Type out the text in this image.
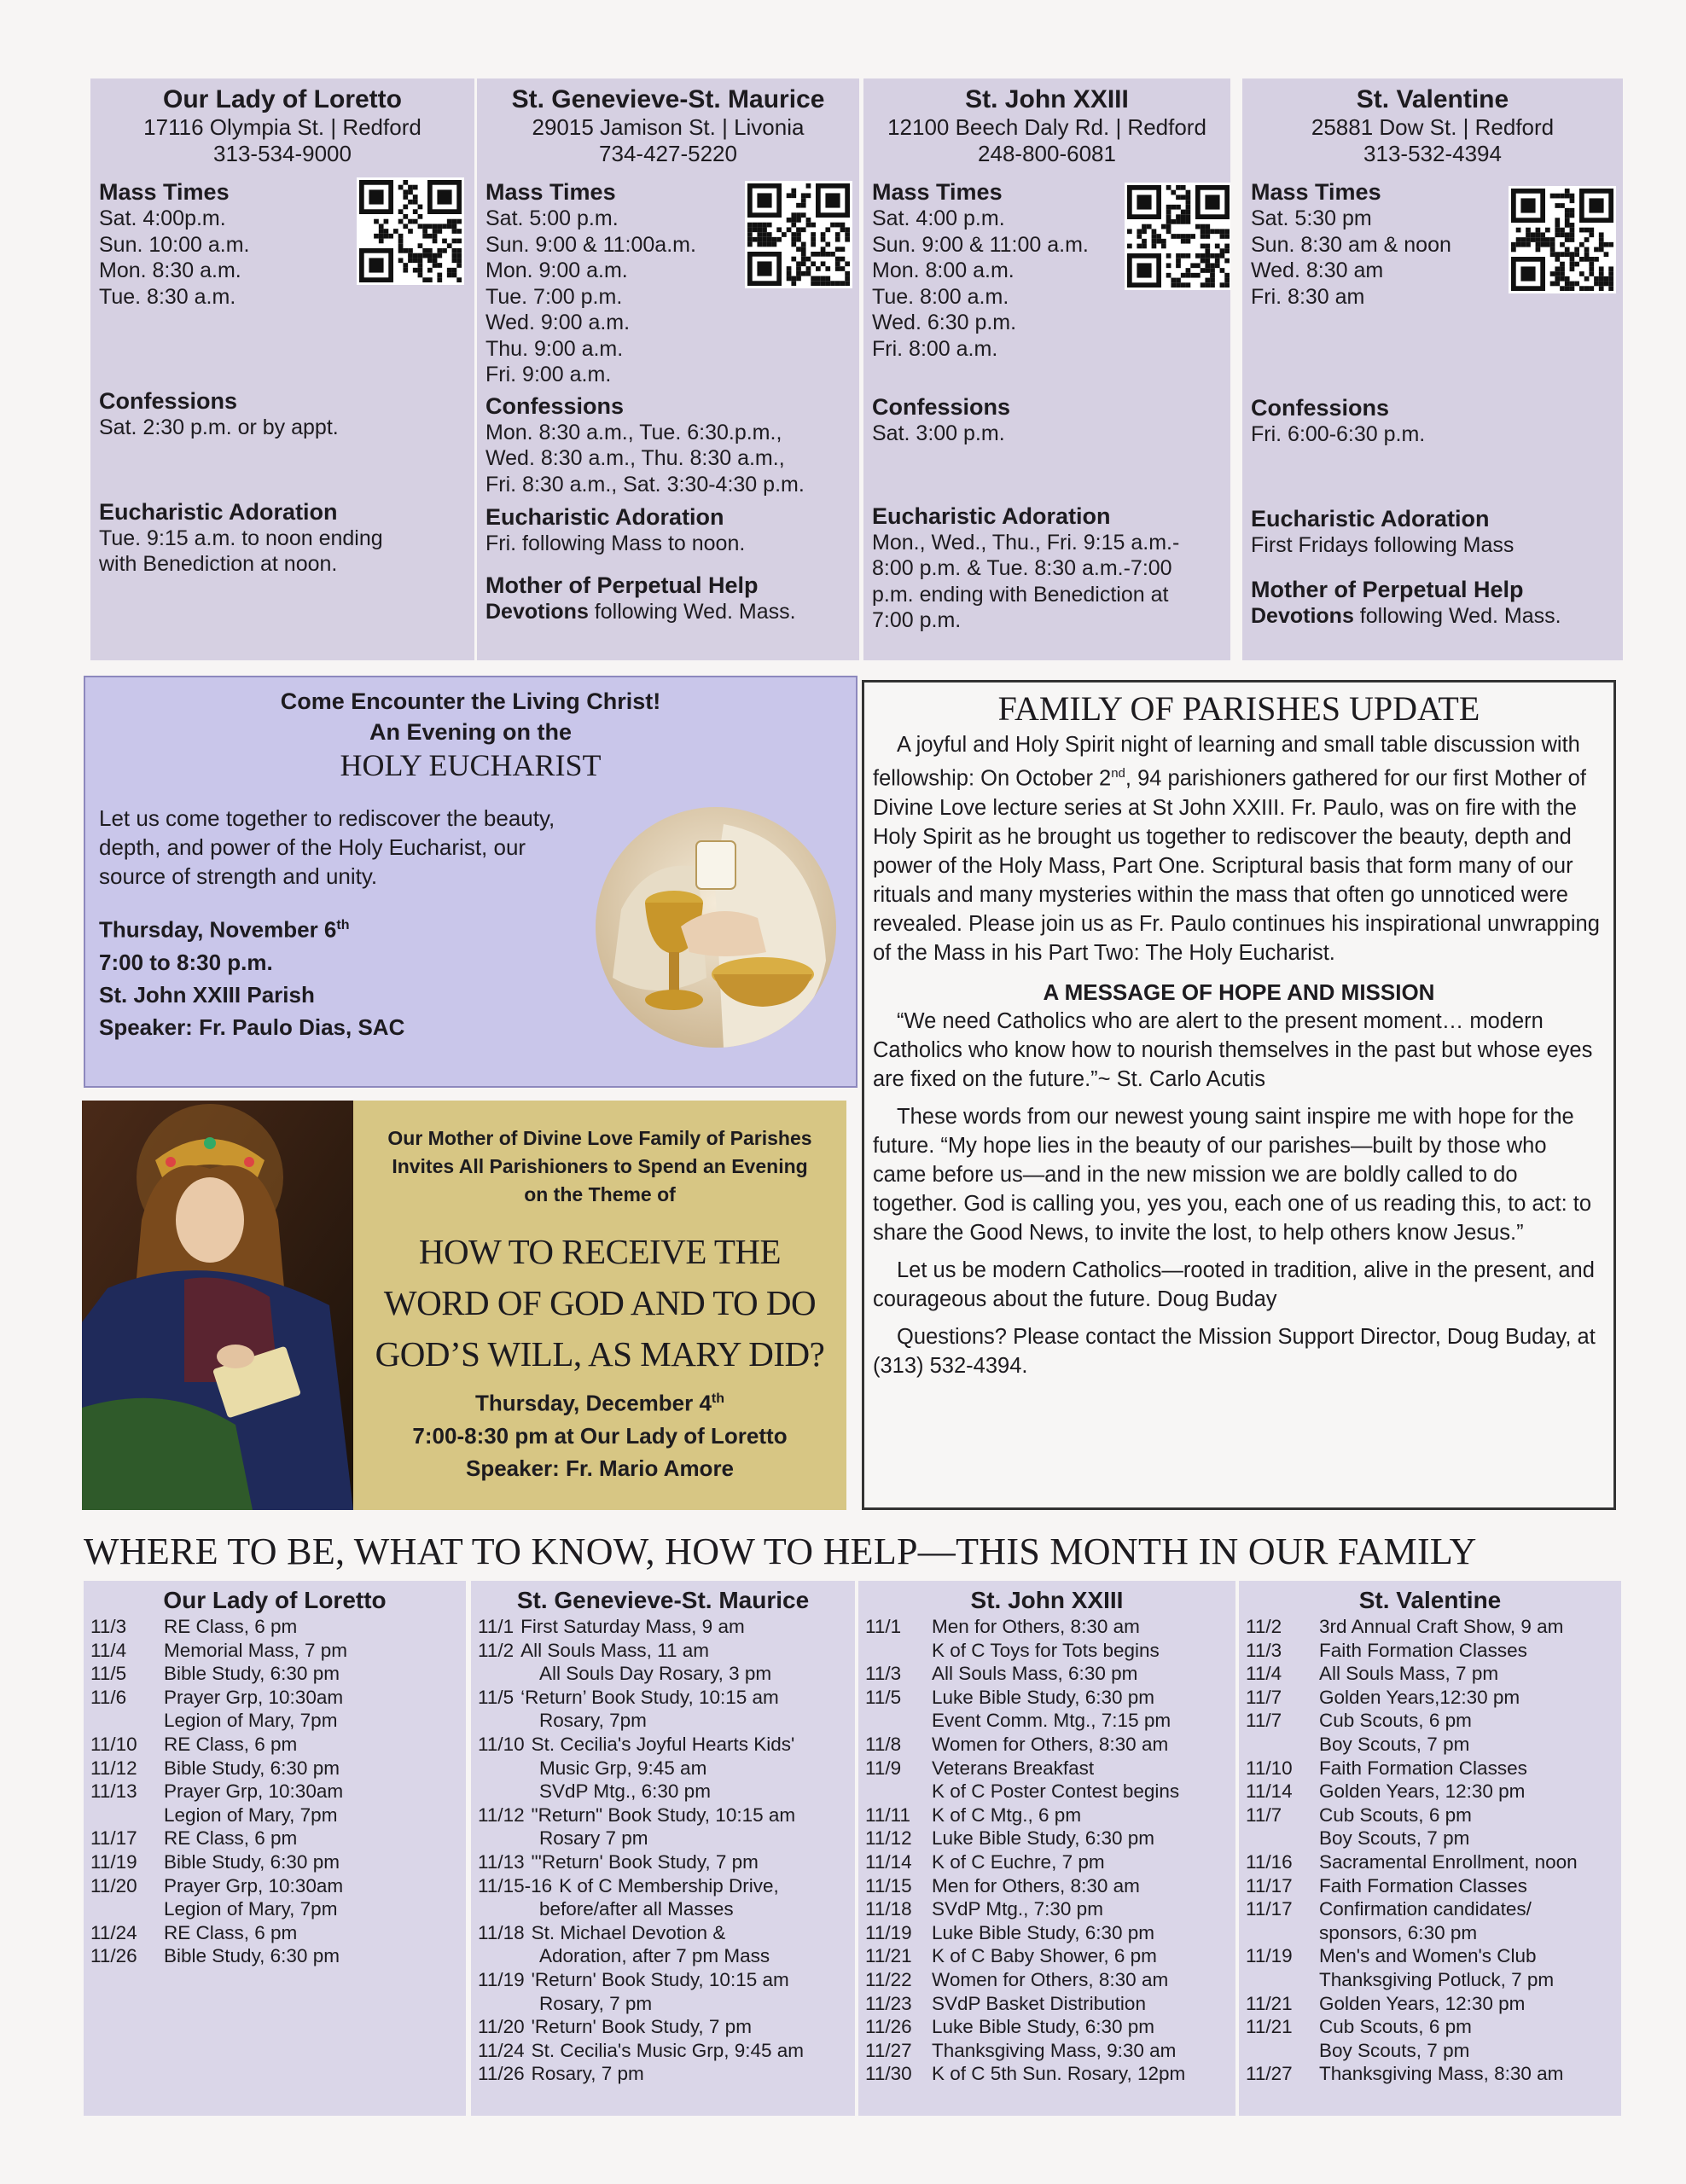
Our Lady of Loretto
17116 Olympia St. | Redford
313-534-9000
Mass Times
Sat. 4:00p.m.
Sun. 10:00 a.m.
Mon. 8:30 a.m.
Tue. 8:30 a.m.
Confessions
Sat. 2:30 p.m. or by appt.
Eucharistic Adoration
Tue. 9:15 a.m. to noon ending
with Benediction at noon.
St. Genevieve-St. Maurice
29015 Jamison St. | Livonia
734-427-5220
Mass Times
Sat. 5:00 p.m.
Sun. 9:00 & 11:00a.m.
Mon. 9:00 a.m.
Tue. 7:00 p.m.
Wed. 9:00 a.m.
Thu. 9:00 a.m.
Fri. 9:00 a.m.
Confessions
Mon. 8:30 a.m., Tue. 6:30.p.m.,
Wed. 8:30 a.m., Thu. 8:30 a.m.,
Fri. 8:30 a.m., Sat. 3:30-4:30 p.m.
Eucharistic Adoration
Fri. following Mass to noon.
Mother of Perpetual Help
Devotions following Wed. Mass.
St. John XXIII
12100 Beech Daly Rd. | Redford
248-800-6081
Mass Times
Sat. 4:00 p.m.
Sun. 9:00 & 11:00 a.m.
Mon. 8:00 a.m.
Tue. 8:00 a.m.
Wed. 6:30 p.m.
Fri. 8:00 a.m.
Confessions
Sat. 3:00 p.m.
Eucharistic Adoration
Mon., Wed., Thu., Fri. 9:15 a.m.-
8:00 p.m. & Tue. 8:30 a.m.-7:00
p.m. ending with Benediction at
7:00 p.m.
St. Valentine
25881 Dow St. | Redford
313-532-4394
Mass Times
Sat. 5:30 pm
Sun. 8:30 am & noon
Wed. 8:30 am
Fri. 8:30 am
Confessions
Fri. 6:00-6:30 p.m.
Eucharistic Adoration
First Fridays following Mass
Mother of Perpetual Help
Devotions following Wed. Mass.
Come Encounter the Living Christ!
An Evening on the
HOLY EUCHARIST
Let us come together to rediscover the beauty,
depth, and power of the Holy Eucharist, our
source of strength and unity.
Thursday, November 6th
7:00 to 8:30 p.m.
St. John XXIII Parish
Speaker: Fr. Paulo Dias, SAC
Our Mother of Divine Love Family of Parishes
Invites All Parishioners to Spend an Evening
on the Theme of
HOW TO RECEIVE THE
WORD OF GOD AND TO DO
GOD’S WILL, AS MARY DID?
Thursday, December 4th
7:00-8:30 pm at Our Lady of Loretto
Speaker: Fr. Mario Amore
FAMILY OF PARISHES UPDATE
A joyful and Holy Spirit night of learning and small table discussion with fellowship: On October 2nd, 94 parishioners gathered for our first Mother of Divine Love lecture series at St John XXIII. Fr. Paulo, was on fire with the Holy Spirit as he brought us together to rediscover the beauty, depth and power of the Holy Mass, Part One. Scriptural basis that form many of our rituals and many mysteries within the mass that often go unnoticed were revealed. Please join us as Fr. Paulo continues his inspirational unwrapping of the Mass in his Part Two: The Holy Eucharist.
A MESSAGE OF HOPE AND MISSION
“We need Catholics who are alert to the present moment… modern Catholics who know how to nourish themselves in the past but whose eyes are fixed on the future.”~ St. Carlo Acutis
These words from our newest young saint inspire me with hope for the future. “My hope lies in the beauty of our parishes—built by those who came before us—and in the new mission we are boldly called to do together. God is calling you, yes you, each one of us reading this, to act: to share the Good News, to invite the lost, to help others know Jesus.”
Let us be modern Catholics—rooted in tradition, alive in the present, and courageous about the future. Doug Buday
Questions? Please contact the Mission Support Director, Doug Buday, at (313) 532-4394.
WHERE TO BE, WHAT TO KNOW, HOW TO HELP—THIS MONTH IN OUR FAMILY
Our Lady of Loretto
11/3	RE Class, 6 pm
11/4	Memorial Mass, 7 pm
11/5	Bible Study, 6:30 pm
11/6	Prayer Grp, 10:30am
Legion of Mary, 7pm
11/10	RE Class, 6 pm
11/12	Bible Study, 6:30 pm
11/13	Prayer Grp, 10:30am
Legion of Mary, 7pm
11/17	RE Class, 6 pm
11/19	Bible Study, 6:30 pm
11/20	Prayer Grp, 10:30am
Legion of Mary, 7pm
11/24	RE Class, 6 pm
11/26	Bible Study, 6:30 pm
St. Genevieve-St. Maurice
11/1 First Saturday Mass, 9 am
11/2 All Souls Mass, 11 am
All Souls Day Rosary, 3 pm
11/5 ‘Return’ Book Study, 10:15 am
Rosary, 7pm
11/10 St. Cecilia's Joyful Hearts Kids'
Music Grp, 9:45 am
SVdP Mtg., 6:30 pm
11/12 "Return" Book Study, 10:15 am
Rosary 7 pm
11/13 "'Return' Book Study, 7 pm
11/15-16 K of C Membership Drive,
before/after all Masses
11/18 St. Michael Devotion &
Adoration, after 7 pm Mass
11/19 'Return' Book Study, 10:15 am
Rosary, 7 pm
11/20 'Return' Book Study, 7 pm
11/24 St. Cecilia's Music Grp, 9:45 am
11/26 Rosary, 7 pm
St. John XXIII
11/1	Men for Others, 8:30 am
K of C Toys for Tots begins
11/3	All Souls Mass, 6:30 pm
11/5	Luke Bible Study, 6:30 pm
Event Comm. Mtg., 7:15 pm
11/8	Women for Others, 8:30 am
11/9	Veterans Breakfast
K of C Poster Contest begins
11/11	K of C Mtg., 6 pm
11/12	Luke Bible Study, 6:30 pm
11/14	K of C Euchre, 7 pm
11/15	Men for Others, 8:30 am
11/18	SVdP Mtg., 7:30 pm
11/19	Luke Bible Study, 6:30 pm
11/21	K of C Baby Shower, 6 pm
11/22	Women for Others, 8:30 am
11/23	SVdP Basket Distribution
11/26	Luke Bible Study, 6:30 pm
11/27	Thanksgiving Mass, 9:30 am
11/30	K of C 5th Sun. Rosary, 12pm
St. Valentine
11/2	3rd Annual Craft Show, 9 am
11/3	Faith Formation Classes
11/4	All Souls Mass, 7 pm
11/7	Golden Years,12:30 pm
11/7	Cub Scouts, 6 pm
Boy Scouts, 7 pm
11/10	Faith Formation Classes
11/14	Golden Years, 12:30 pm
11/7	Cub Scouts, 6 pm
Boy Scouts, 7 pm
11/16	Sacramental Enrollment, noon
11/17	Faith Formation Classes
11/17	Confirmation candidates/
sponsors, 6:30 pm
11/19	Men's and Women's Club
Thanksgiving Potluck, 7 pm
11/21	Golden Years, 12:30 pm
11/21	Cub Scouts, 6 pm
Boy Scouts, 7 pm
11/27	Thanksgiving Mass, 8:30 am
